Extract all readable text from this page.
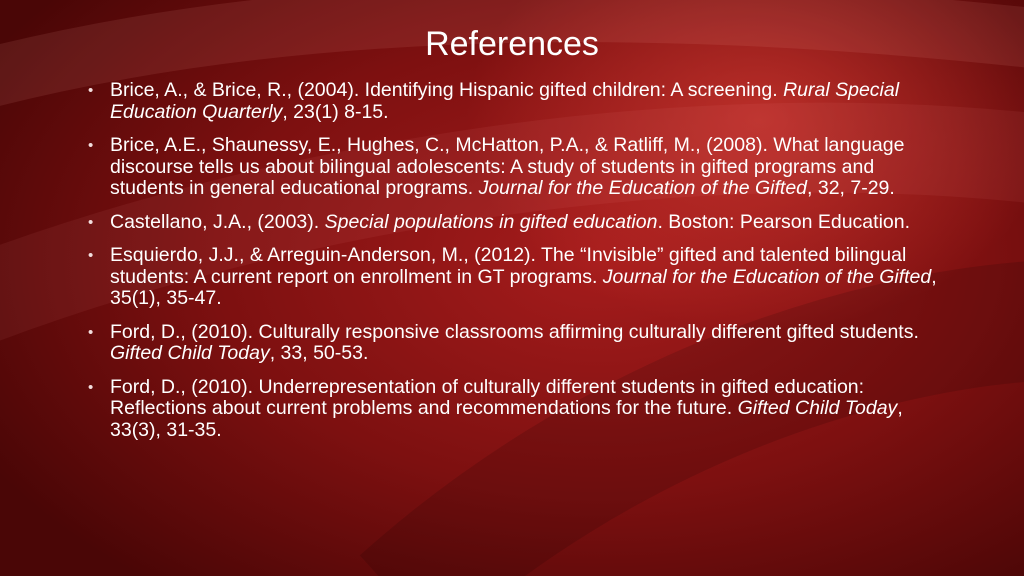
References
• Brice, A., & Brice, R., (2004). Identifying Hispanic gifted children: A screening. Rural Special Education Quarterly, 23(1) 8-15.
• Brice, A.E., Shaunessy, E., Hughes, C., McHatton, P.A., & Ratliff, M., (2008). What language discourse tells us about bilingual adolescents: A study of students in gifted programs and students in general educational programs. Journal for the Education of the Gifted, 32, 7-29.
• Castellano, J.A., (2003). Special populations in gifted education. Boston: Pearson Education.
• Esquierdo, J.J., & Arreguin-Anderson, M., (2012). The “Invisible” gifted and talented bilingual students: A current report on enrollment in GT programs. Journal for the Education of the Gifted, 35(1), 35-47.
• Ford, D., (2010). Culturally responsive classrooms affirming culturally different gifted students. Gifted Child Today, 33, 50-53.
• Ford, D., (2010). Underrepresentation of culturally different students in gifted education: Reflections about current problems and recommendations for the future. Gifted Child Today, 33(3), 31-35.
